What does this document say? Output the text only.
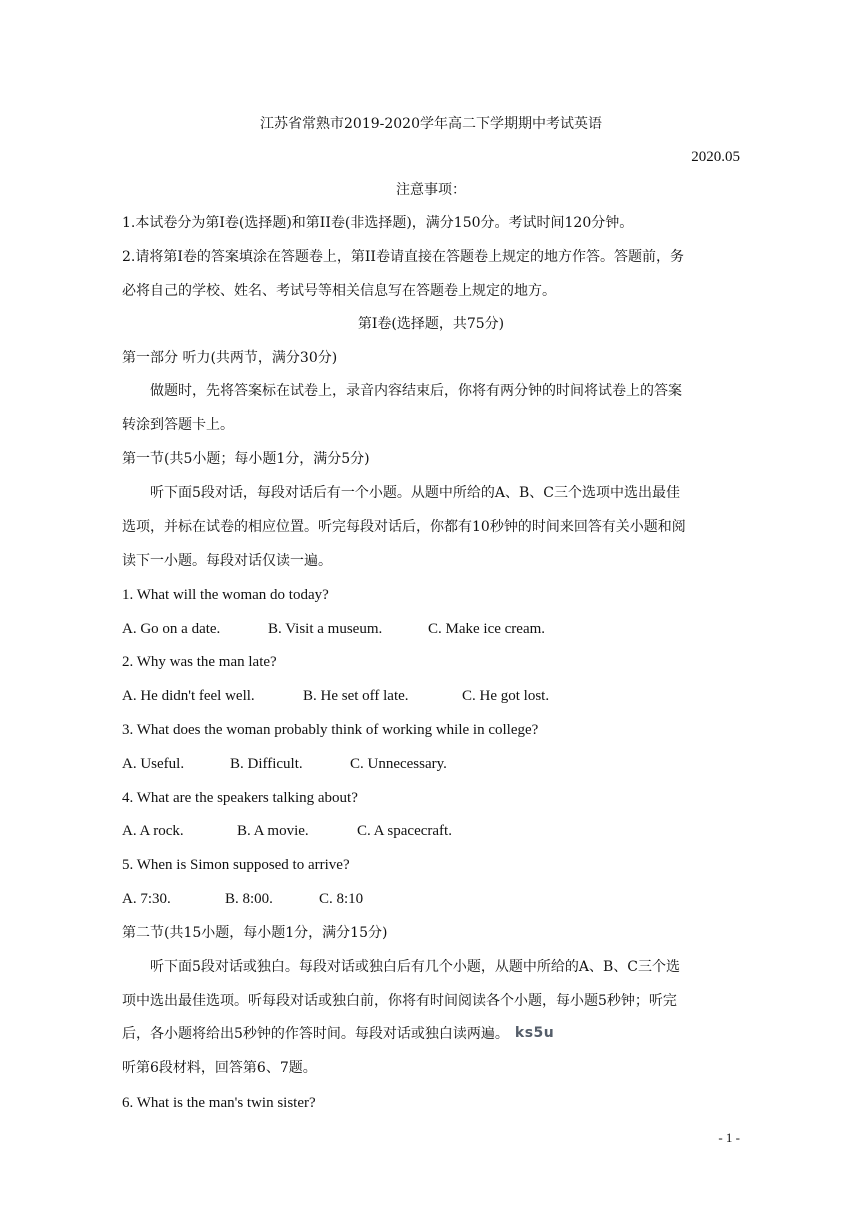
江苏省常熟市2019-2020学年高二下学期期中考试英语
2020.05
注意事项：
1.本试卷分为第I卷(选择题)和第II卷(非选择题)，满分150分。考试时间120分钟。
2.请将第I卷的答案填涂在答题卷上，第II卷请直接在答题卷上规定的地方作答。答题前，务
必将自己的学校、姓名、考试号等相关信息写在答题卷上规定的地方。
第I卷(选择题，共75分)
第一部分 听力(共两节，满分30分)
做题时，先将答案标在试卷上，录音内容结束后，你将有两分钟的时间将试卷上的答案
转涂到答题卡上。
第一节(共5小题；每小题1分，满分5分)
听下面5段对话，每段对话后有一个小题。从题中所给的A、B、C三个选项中选出最佳
选项，并标在试卷的相应位置。听完每段对话后，你都有10秒钟的时间来回答有关小题和阅
读下一小题。每段对话仅读一遍。
1. What will the woman do today?
A. Go on a date.	B. Visit a museum.	C. Make ice cream.
2. Why was the man late?
A. He didn't feel well.	B. He set off late.	C. He got lost.
3. What does the woman probably think of working while in college?
A. Useful.	B. Difficult.	C. Unnecessary.
4. What are the speakers talking about?
A. A rock.	B. A movie.	C. A spacecraft.
5. When is Simon supposed to arrive?
A. 7:30.	B. 8:00.	C. 8:10
第二节(共15小题，每小题1分，满分15分)
听下面5段对话或独白。每段对话或独白后有几个小题，从题中所给的A、B、C三个选
项中选出最佳选项。听每段对话或独白前，你将有时间阅读各个小题，每小题5秒钟；听完
后，各小题将给出5秒钟的作答时间。每段对话或独白读两遍。 ks5u
听第6段材料，回答第6、7题。
6. What is the man's twin sister?
- 1 -
